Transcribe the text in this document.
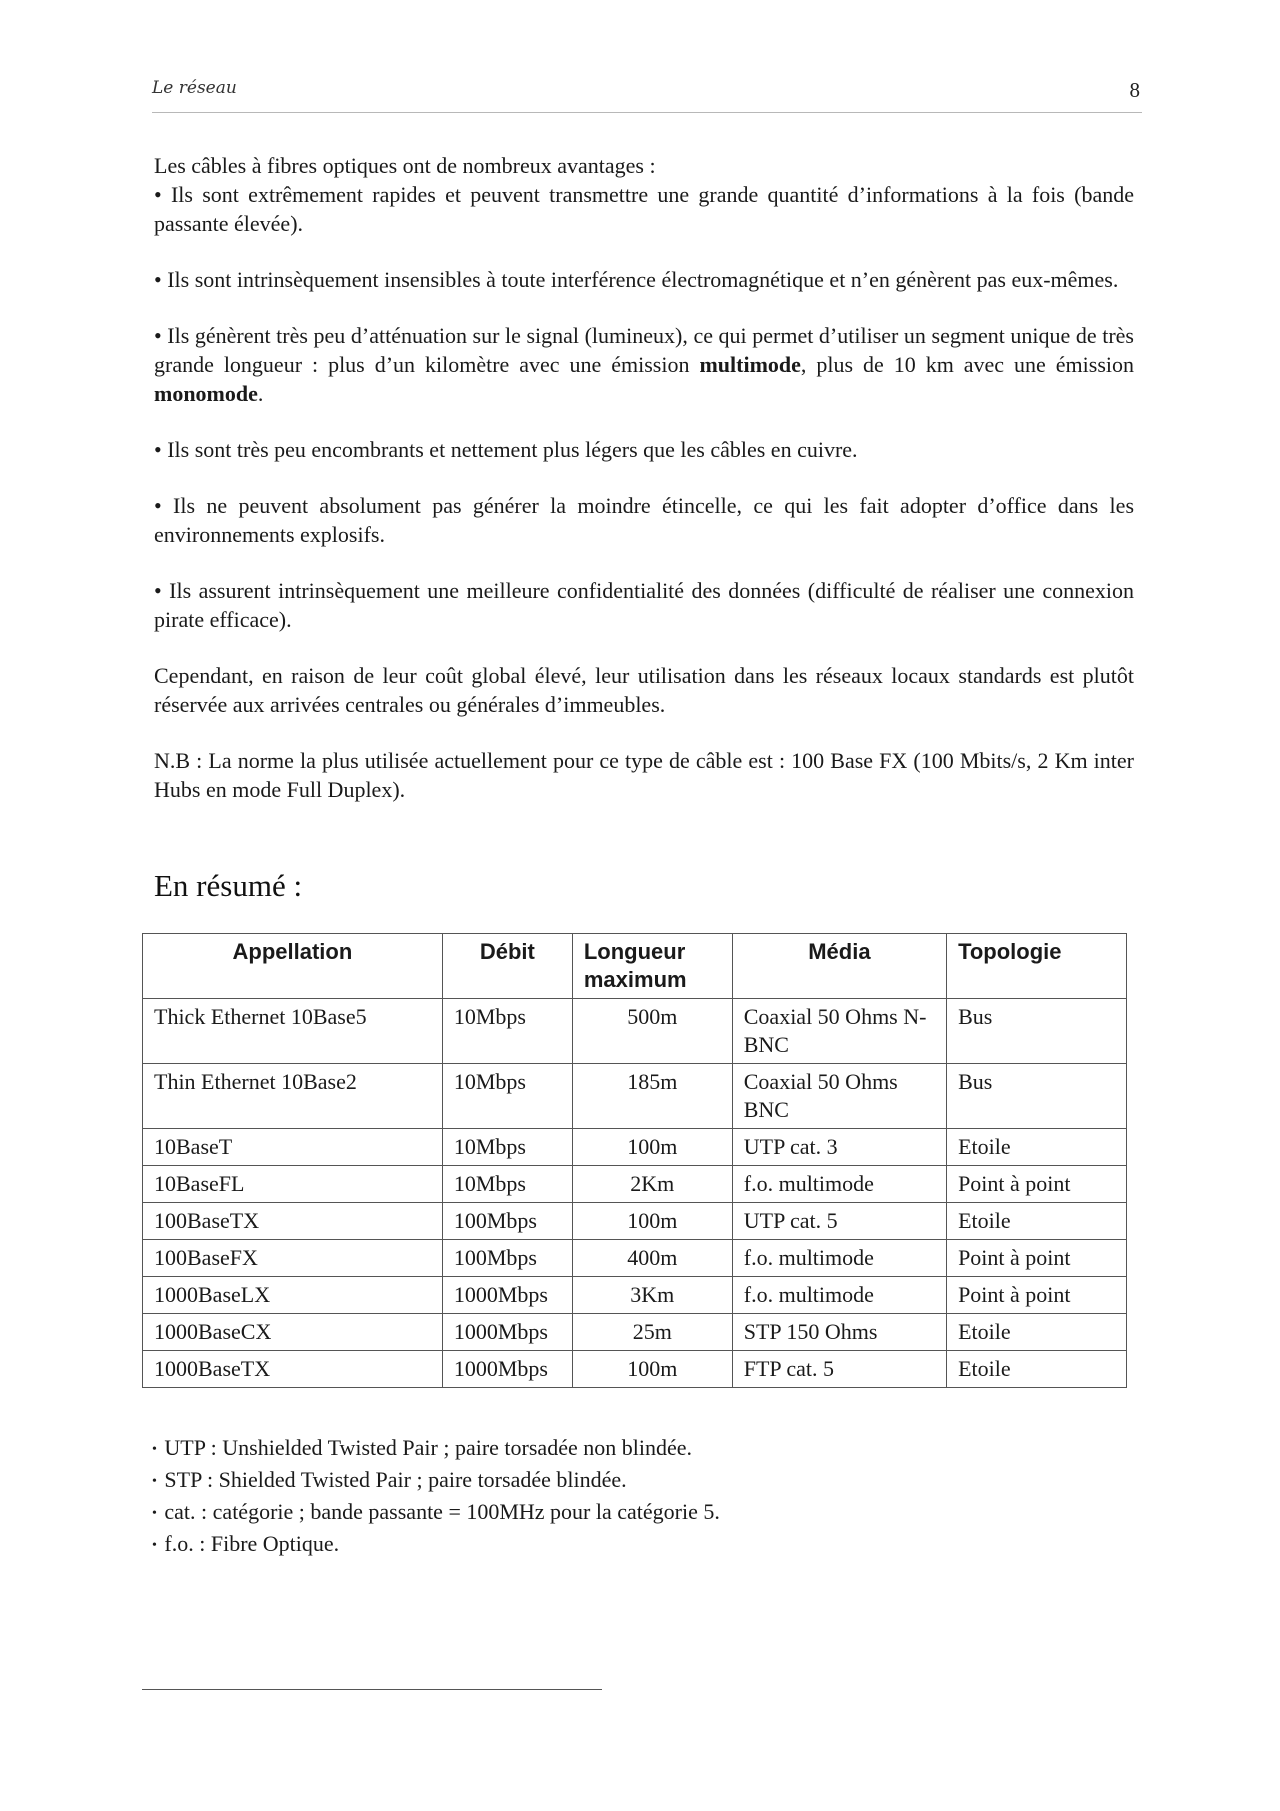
Le réseau	8

Les câbles à fibres optiques ont de nombreux avantages :

• Ils sont extrêmement rapides et peuvent transmettre une grande quantité d’informations à la fois (bande passante élevée).

• Ils sont intrinsèquement insensibles à toute interférence électromagnétique et n’en génèrent pas eux-mêmes.

• Ils génèrent très peu d’atténuation sur le signal (lumineux), ce qui permet d’utiliser un segment unique de très grande longueur : plus d’un kilomètre avec une émission multimode, plus de 10 km avec une émission monomode.

• Ils sont très peu encombrants et nettement plus légers que les câbles en cuivre.

• Ils ne peuvent absolument pas générer la moindre étincelle, ce qui les fait adopter d’office dans les environnements explosifs.

• Ils assurent intrinsèquement une meilleure confidentialité des données (difficulté de réaliser une connexion pirate efficace).

Cependant, en raison de leur coût global élevé, leur utilisation dans les réseaux locaux standards est plutôt réservée aux arrivées centrales ou générales d’immeubles.

N.B : La norme la plus utilisée actuellement pour ce type de câble est : 100 Base FX (100 Mbits/s, 2 Km inter Hubs en mode Full Duplex).

En résumé :
Appellation	Débit	Longueur maximum	Média	Topologie
Thick Ethernet 10Base5	10Mbps	500m	Coaxial 50 Ohms N-BNC	Bus
Thin Ethernet 10Base2	10Mbps	185m	Coaxial 50 Ohms BNC	Bus
10BaseT	10Mbps	100m	UTP cat. 3	Etoile
10BaseFL	10Mbps	2Km	f.o. multimode	Point à point
100BaseTX	100Mbps	100m	UTP cat. 5	Etoile
100BaseFX	100Mbps	400m	f.o. multimode	Point à point
1000BaseLX	1000Mbps	3Km	f.o. multimode	Point à point
1000BaseCX	1000Mbps	25m	STP 150 Ohms	Etoile
1000BaseTX	1000Mbps	100m	FTP cat. 5	Etoile
• UTP : Unshielded Twisted Pair ; paire torsadée non blindée.
• STP : Shielded Twisted Pair ; paire torsadée blindée.
• cat. : catégorie ; bande passante = 100MHz pour la catégorie 5.
• f.o. : Fibre Optique.
